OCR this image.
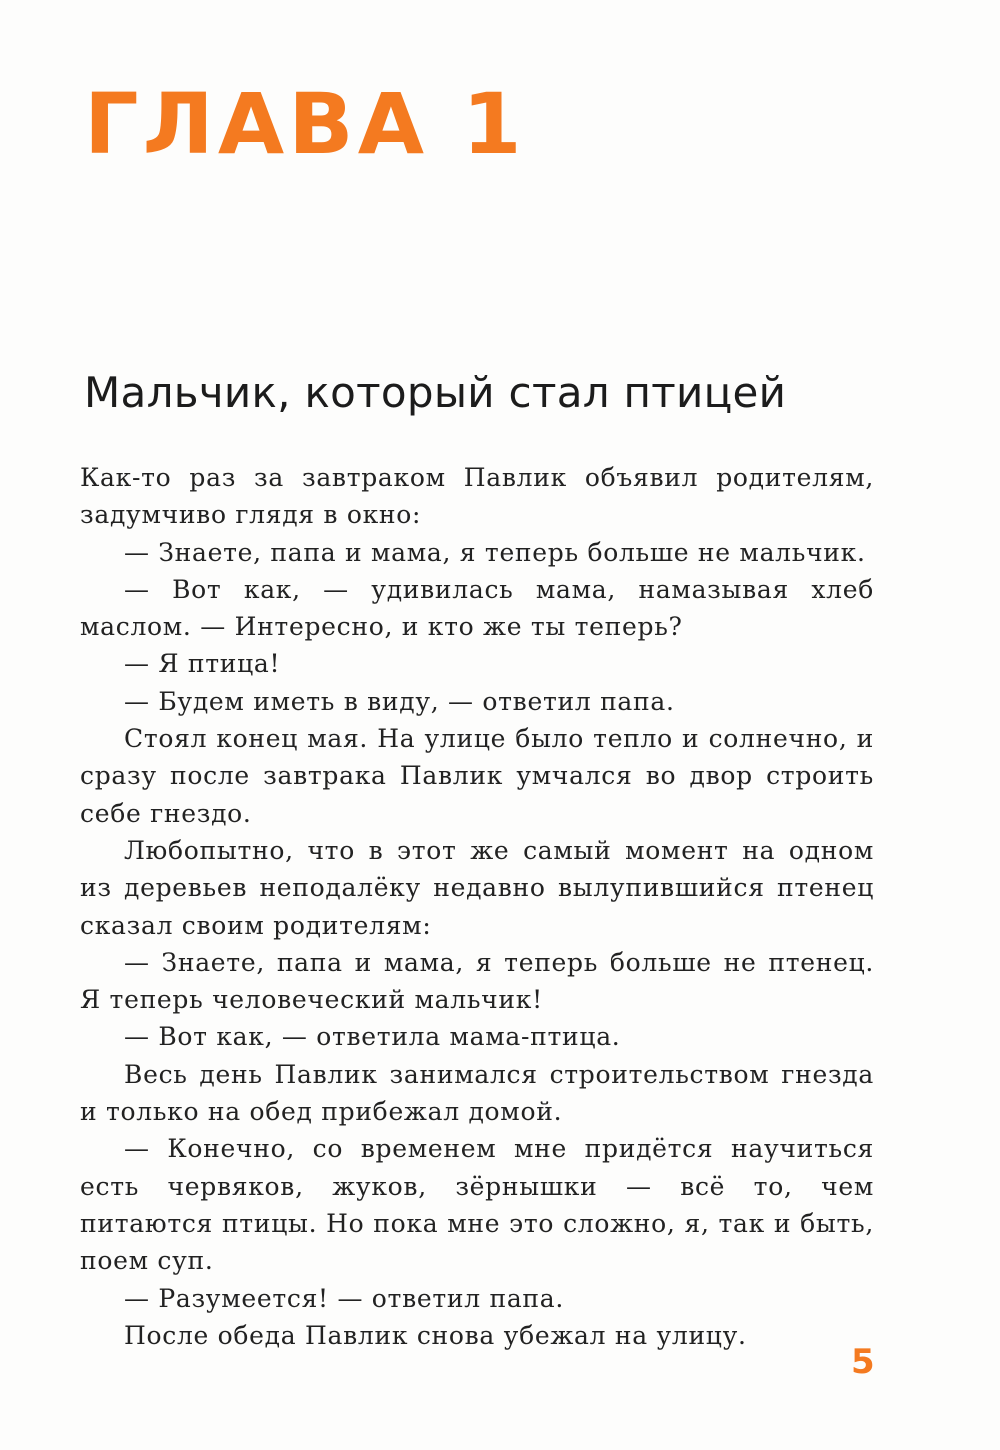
ГЛАВА 1
Мальчик, который стал птицей

Как-то раз за завтраком Павлик объявил родителям, задумчиво глядя в окно:

— Знаете, папа и мама, я теперь больше не мальчик.

— Вот как, — удивилась мама, намазывая хлеб маслом. — Интересно, и кто же ты теперь?

— Я птица!

— Будем иметь в виду, — ответил папа.

Стоял конец мая. На улице было тепло и солнечно, и сразу после завтрака Павлик умчался во двор строить себе гнездо.

Любопытно, что в этот же самый момент на одном из деревьев неподалёку недавно вылупившийся птенец сказал своим родителям:

— Знаете, папа и мама, я теперь больше не птенец. Я теперь человеческий мальчик!

— Вот как, — ответила мама-птица.

Весь день Павлик занимался строительством гнезда и только на обед прибежал домой.

— Конечно, со временем мне придётся научиться есть червяков, жуков, зёрнышки — всё то, чем питаются птицы. Но пока мне это сложно, я, так и быть, поем суп.

— Разумеется! — ответил папа.

После обеда Павлик снова убежал на улицу.

5
